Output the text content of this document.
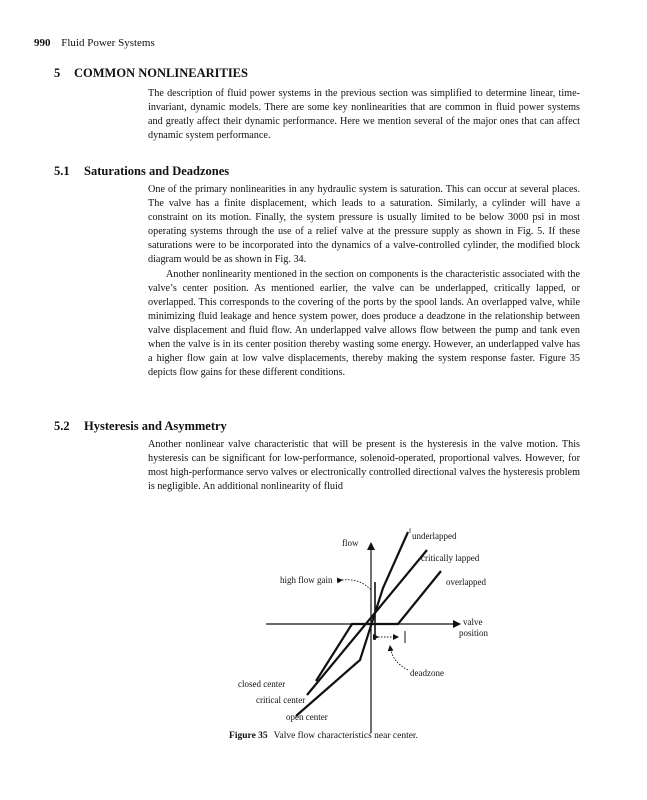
990 Fluid Power Systems
5 COMMON NONLINEARITIES

The description of fluid power systems in the previous section was simplified to determine linear, time-invariant, dynamic models. There are some key nonlinearities that are common in fluid power systems and greatly affect their dynamic performance. Here we mention several of the major ones that can affect dynamic system performance.

5.1 Saturations and Deadzones

One of the primary nonlinearities in any hydraulic system is saturation. This can occur at several places. The valve has a finite displacement, which leads to a saturation. Similarly, a cylinder will have a constraint on its motion. Finally, the system pressure is usually limited to be below 3000 psi in most operating systems through the use of a relief valve at the pressure supply as shown in Fig. 5. If these saturations were to be incorporated into the dynamics of a valve-controlled cylinder, the modified block diagram would be as shown in Fig. 34.

Another nonlinearity mentioned in the section on components is the characteristic associated with the valve’s center position. As mentioned earlier, the valve can be underlapped, critically lapped, or overlapped. This corresponds to the covering of the ports by the spool lands. An overlapped valve, while minimizing fluid leakage and hence system power, does produce a deadzone in the relationship between valve displacement and fluid flow. An underlapped valve allows flow between the pump and tank even when the valve is in its center position thereby wasting some energy. However, an underlapped valve has a higher flow gain at low valve displacements, thereby making the system response faster. Figure 35 depicts flow gains for these different conditions.

5.2 Hysteresis and Asymmetry

Another nonlinear valve characteristic that will be present is the hysteresis in the valve motion. This hysteresis can be significant for low-performance, solenoid-operated, proportional valves. However, for most high-performance servo valves or electronically controlled directional valves the hysteresis problem is negligible. An additional nonlinearity of fluid

flow
underlapped
critically lapped
overlapped
high flow gain
valve
position
deadzone
closed center
critical center
open center
Figure 35 Valve flow characteristics near center.
